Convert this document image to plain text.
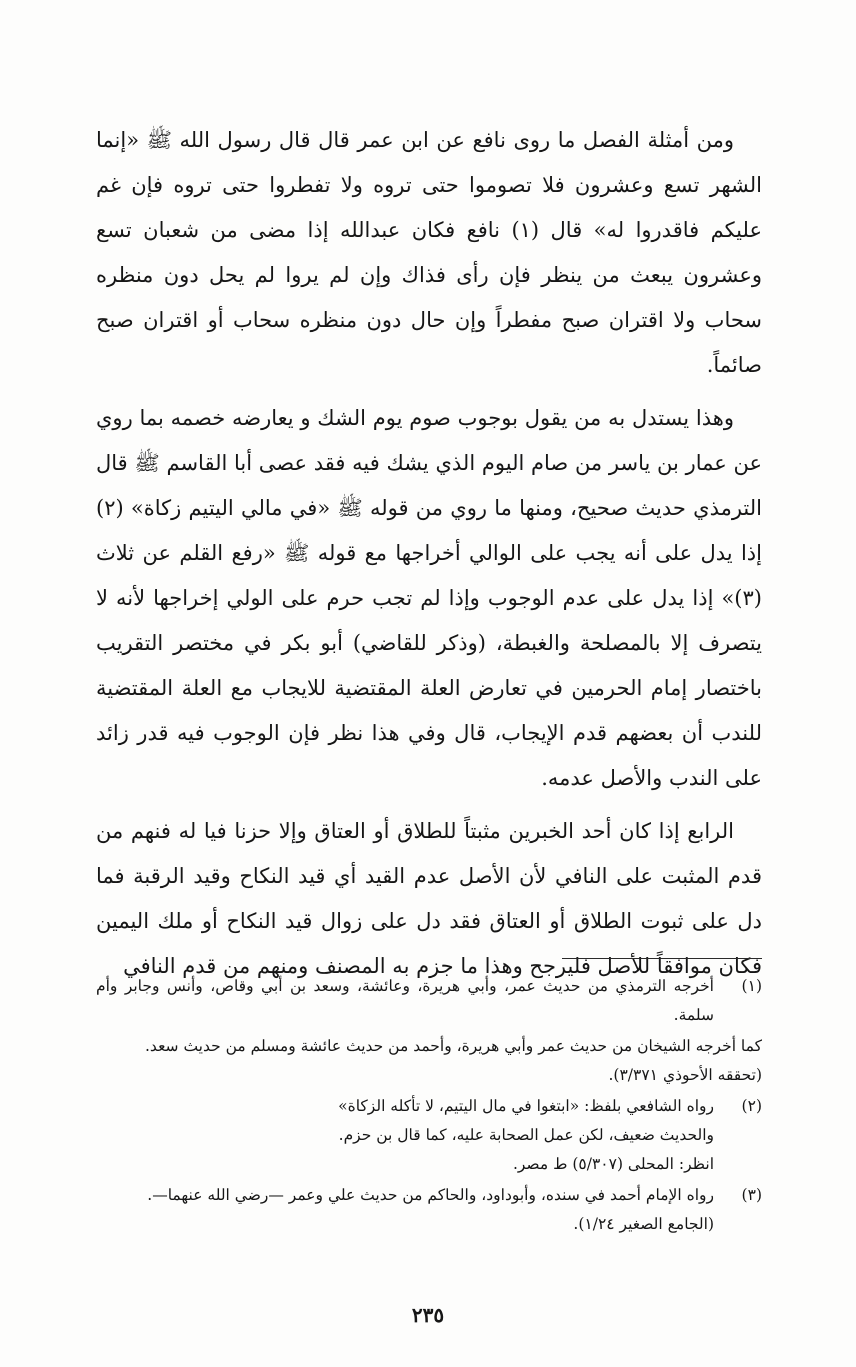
ومن أمثلة الفصل ما روى نافع عن ابن عمر قال قال رسول الله ﷺ «إنما الشهر تسع وعشرون فلا تصوموا حتى تروه ولا تفطروا حتى تروه فإن غم عليكم فاقدروا له» قال (١) نافع فكان عبدالله إذا مضى من شعبان تسع وعشرون يبعث من ينظر فإن رأى فذاك وإن لم يروا لم يحل دون منظره سحاب ولا اقتران صبح مفطراً وإن حال دون منظره سحاب أو اقتران صبح صائماً.

وهذا يستدل به من يقول بوجوب صوم يوم الشك و يعارضه خصمه بما روي عن عمار بن ياسر من صام اليوم الذي يشك فيه فقد عصى أبا القاسم ﷺ قال الترمذي حديث صحيح، ومنها ما روي من قوله ﷺ «في مالي اليتيم زكاة» (٢) إذا يدل على أنه يجب على الوالي أخراجها مع قوله ﷺ «رفع القلم عن ثلاث (٣)» إذا يدل على عدم الوجوب وإذا لم تجب حرم على الولي إخراجها لأنه لا يتصرف إلا بالمصلحة والغبطة، (وذكر للقاضي) أبو بكر في مختصر التقريب باختصار إمام الحرمين في تعارض العلة المقتضية للايجاب مع العلة المقتضية للندب أن بعضهم قدم الإيجاب، قال وفي هذا نظر فإن الوجوب فيه قدر زائد على الندب والأصل عدمه.

الرابع إذا كان أحد الخبرين مثبتاً للطلاق أو العتاق وإلا حزنا فيا له فنهم من قدم المثبت على النافي لأن الأصل عدم القيد أي قيد النكاح وقيد الرقبة فما دل على ثبوت الطلاق أو العتاق فقد دل على زوال قيد النكاح أو ملك اليمين فكان موافقاً للأصل فليرجح وهذا ما جزم به المصنف ومنهم من قدم النافي

(١)
أخرجه الترمذي من حديث عمر، وأبي هريرة، وعائشة، وسعد بن أبي وقاص، وأنس وجابر وأم سلمة.
كما أخرجه الشيخان من حديث عمر وأبي هريرة، وأحمد من حديث عائشة ومسلم من حديث سعد.
(تحققه الأحوذي ٣/٣٧١).
(٢)
رواه الشافعي بلفظ: «ابتغوا في مال اليتيم، لا تأكله الزكاة»
والحديث ضعيف، لكن عمل الصحابة عليه، كما قال بن حزم.
انظر: المحلى (٥/٣٠٧) ط مصر.
(٣)
رواه الإمام أحمد في سنده، وأبوداود، والحاكم من حديث علي وعمر —رضي الله عنهما—.
(الجامع الصغير ١/٢٤).
٢٣٥
